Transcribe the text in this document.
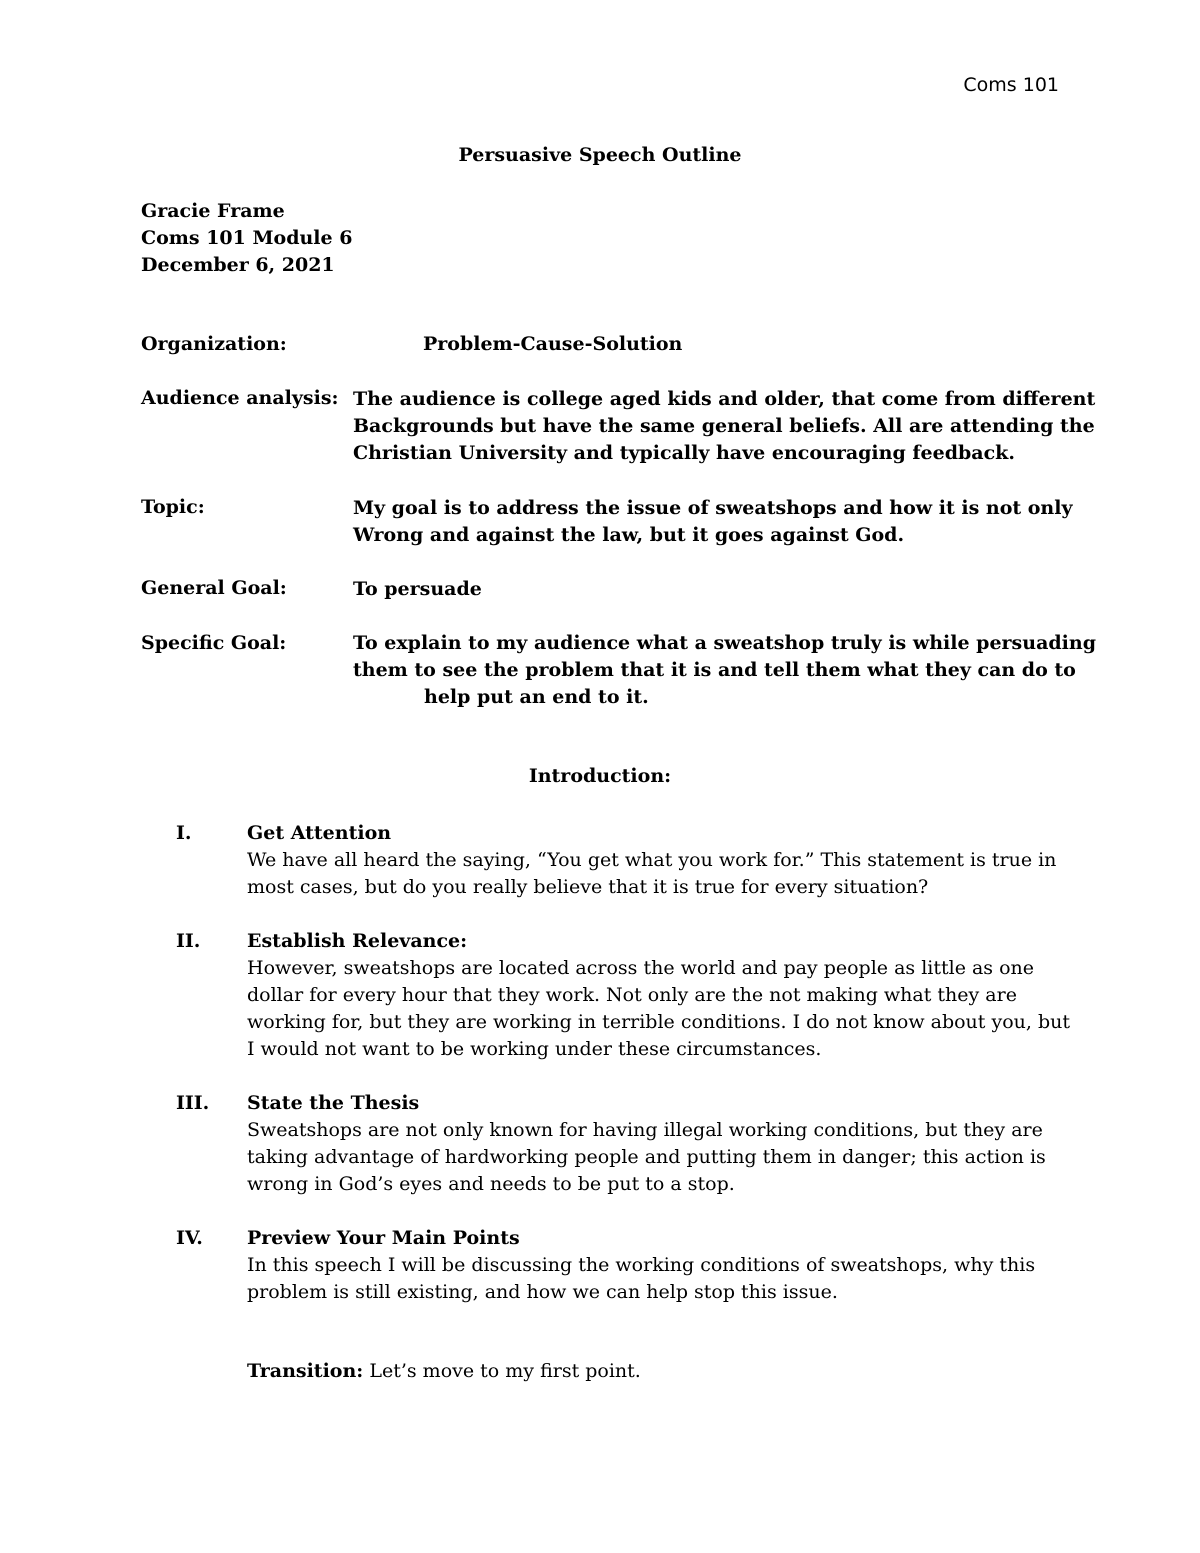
Coms 101
Persuasive Speech Outline
Gracie Frame
Coms 101 Module 6
December 6, 2021
Organization:	Problem-Cause-Solution
Audience analysis: The audience is college aged kids and older, that come from different
Backgrounds but have the same general beliefs. All are attending the
Christian University and typically have encouraging feedback.
Topic:	My goal is to address the issue of sweatshops and how it is not only
Wrong and against the law, but it goes against God.
General Goal:	To persuade
Specific Goal:	To explain to my audience what a sweatshop truly is while persuading
them to see the problem that it is and tell them what they can do to
help put an end to it.
Introduction:
I.	Get Attention
We have all heard the saying, “You get what you work for.” This statement is true in
most cases, but do you really believe that it is true for every situation?
II. Establish Relevance:
However, sweatshops are located across the world and pay people as little as one
dollar for every hour that they work. Not only are the not making what they are
working for, but they are working in terrible conditions. I do not know about you, but
I would not want to be working under these circumstances.
III. State the Thesis
Sweatshops are not only known for having illegal working conditions, but they are
taking advantage of hardworking people and putting them in danger; this action is
wrong in God’s eyes and needs to be put to a stop.
IV. Preview Your Main Points
In this speech I will be discussing the working conditions of sweatshops, why this
problem is still existing, and how we can help stop this issue.
Transition: Let’s move to my first point.
